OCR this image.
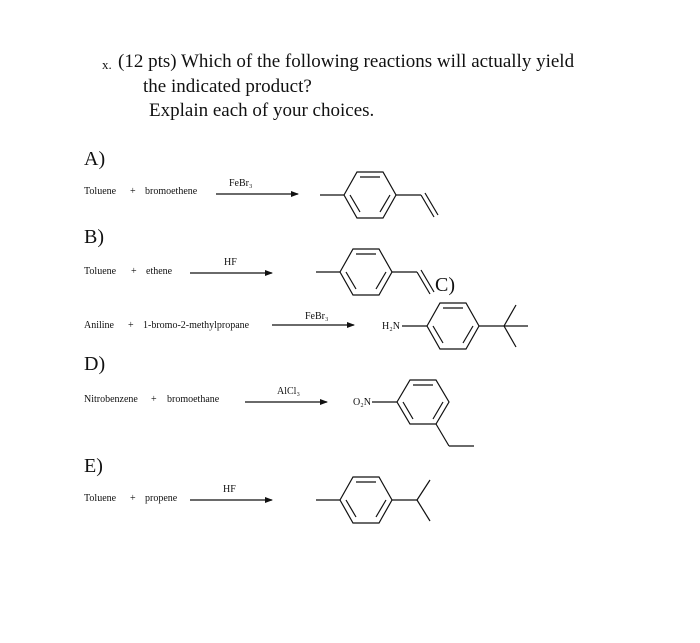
x. (12 pts) Which of the following reactions will actually yield
the indicated product?
Explain each of your choices.
A)
Toluene + bromoethene
FeBr₃
B)
Toluene + ethene
HF
C)
Aniline + 1-bromo-2-methylpropane
FeBr₃
H₂N
D)
Nitrobenzene + bromoethane
AlCl₃
O₂N
E)
Toluene + propene
HF
